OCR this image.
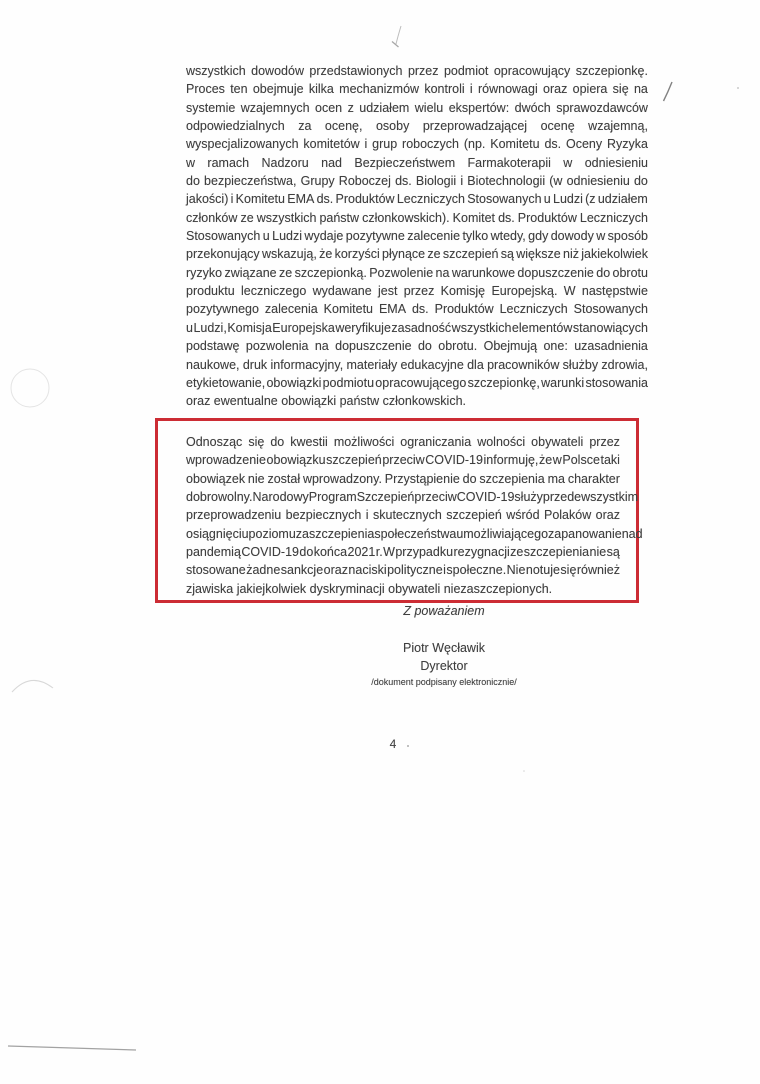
wszystkich dowodów przedstawionych przez podmiot opracowujący szczepionkę.
Proces ten obejmuje kilka mechanizmów kontroli i równowagi oraz opiera się na
systemie wzajemnych ocen z udziałem wielu ekspertów: dwóch sprawozdawców
odpowiedzialnych za ocenę, osoby przeprowadzającej ocenę wzajemną,
wyspecjalizowanych komitetów i grup roboczych (np. Komitetu ds. Oceny Ryzyka
w ramach Nadzoru nad Bezpieczeństwem Farmakoterapii w odniesieniu
do bezpieczeństwa, Grupy Roboczej ds. Biologii i Biotechnologii (w odniesieniu do
jakości) i Komitetu EMA ds. Produktów Leczniczych Stosowanych u Ludzi (z udziałem
członków ze wszystkich państw członkowskich). Komitet ds. Produktów Leczniczych
Stosowanych u Ludzi wydaje pozytywne zalecenie tylko wtedy, gdy dowody w sposób
przekonujący wskazują, że korzyści płynące ze szczepień są większe niż jakiekolwiek
ryzyko związane ze szczepionką. Pozwolenie na warunkowe dopuszczenie do obrotu
produktu leczniczego wydawane jest przez Komisję Europejską. W następstwie
pozytywnego zalecenia Komitetu EMA ds. Produktów Leczniczych Stosowanych
u Ludzi, Komisja Europejska weryfikuje zasadność wszystkich elementów stanowiących
podstawę pozwolenia na dopuszczenie do obrotu. Obejmują one: uzasadnienia
naukowe, druk informacyjny, materiały edukacyjne dla pracowników służby zdrowia,
etykietowanie, obowiązki podmiotu opracowującego szczepionkę, warunki stosowania
oraz ewentualne obowiązki państw członkowskich.
Odnosząc się do kwestii możliwości ograniczania wolności obywateli przez
wprowadzenie obowiązku szczepień przeciw COVID-19 informuję, że w Polsce taki
obowiązek nie został wprowadzony. Przystąpienie do szczepienia ma charakter
dobrowolny. Narodowy Program Szczepień przeciw COVID-19 służy przede wszystkim
przeprowadzeniu bezpiecznych i skutecznych szczepień wśród Polaków oraz
osiągnięciu poziomu zaszczepienia społeczeństwa umożliwiającego zapanowanie nad
pandemią COVID-19 do końca 2021 r. W przypadku rezygnacji ze szczepienia nie są
stosowane żadne sankcje oraz naciski polityczne i społeczne. Nie notuje się również
zjawiska jakiejkolwiek dyskryminacji obywateli niezaszczepionych.
Z poważaniem
Piotr Węcławik
Dyrektor
/dokument podpisany elektronicznie/
4
